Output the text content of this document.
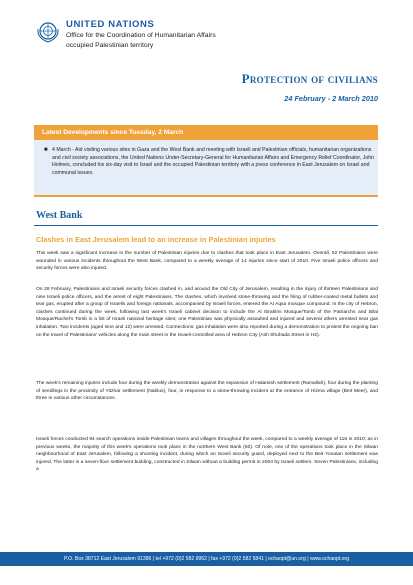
UNITED NATIONS
Office for the Coordination of Humanitarian Affairs
occupied Palestinian territory
Protection of civilians
24 February - 2 March 2010
Latest Developments since Tuesday, 2 March
■ 4 March - Aid visiting various sites in Gaza and the West Bank and meeting with Israeli and Palestinian officials, humanitarian organizations and civil society associations, the United Nations Under-Secretary-General for Humanitarian Affairs and Emergency Relief Coordinator, John Holmes, concluded his six-day visit to Israel and the occupied Palestinian territory with a press conference in East Jerusalem on Israel and communal issues.
West Bank
Clashes in East Jerusalem lead to an increase in Palestinian injuries
This week saw a significant increase in the number of Palestinian injuries due to clashes that took place in East Jerusalem. Overall, 52 Palestinians were wounded in various incidents throughout the West Bank, compared to a weekly average of 14 injuries since start of 2010. Five Israeli police officers and security forces were also injured.
On 28 February, Palestinians and Israeli security forces clashed in, and around the Old City of Jerusalem, resulting in the injury of thirteen Palestinians and nine Israeli police officers, and the arrest of eight Palestinians. The clashes, which involved stone-throwing and the firing of rubber-coated metal bullets and tear gas, erupted after a group of Israelis and foreign nationals, accompanied by Israeli forces, entered the Al Aqsa mosque compound. In the city of Hebron, clashes continued during the week, following last week's Israeli cabinet decision to include the Al Ibrahimi Mosque/Tomb of the Patriarchs and Bilal Mosque/Rachel's Tomb in a list of Israeli national heritage sites; one Palestinian was physically assaulted and injured and several others arrested near gas inhalation. Two incidents (aged nine and 12) were arrested. Connections: gas inhalation were also reported during a demonstration to protest the ongoing ban on the travel of Palestinians' vehicles along the main street in the Israeli-controlled area of Hebron City (Ash Shuhada Street in H2).
The week's remaining injuries include four during the weekly demonstration against the expansion of Halamish settlement (Ramallah), four during the planting of seedlings in the proximity of Yitzhar settlement (Nablus), four, in response to a stone-throwing incident at the entrance of Hizma village (Beit Meer), and three in various other circumstances.
Israeli forces conducted 94 search operations inside Palestinian towns and villages throughout the week, compared to a weekly average of 116 in 2010; as in previous weeks, the majority of this week's operations took place in the northern West Bank (60). Of note, one of the operations took place in the Silwan neighbourhood of East Jerusalem, following a shooting incident, during which an Israeli security guard, deployed next to the Beit Yonatan settlement was injured. The latter is a seven-floor settlement building, constructed in Silwan without a building permit in 2004 by Israeli settlers. Seven Palestinians, including a
P.O. Box 38712 East Jerusalem 91386 | tel +972 (0)2 582 9962 | fax +972 (0)2 582 5841 | ochaopt@un.org | www.ochaopt.org
